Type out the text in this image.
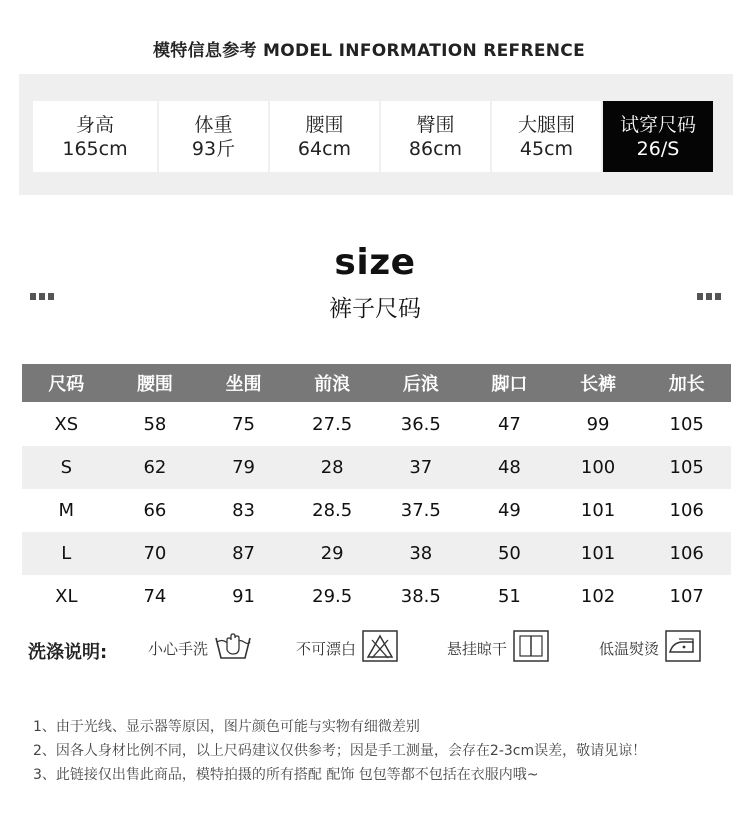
模特信息参考 MODEL INFORMATION REFRENCE
身高
165cm
体重
93斤
腰围
64cm
臀围
86cm
大腿围
45cm
试穿尺码
26/S
size
裤子尺码
尺码	腰围	坐围	前浪	后浪	脚口	长裤	加长
XS	58	75	27.5	36.5	47	99	105
S	62	79	28	37	48	100	105
M	66	83	28.5	37.5	49	101	106
L	70	87	29	38	50	101	106
XL	74	91	29.5	38.5	51	102	107
洗涤说明:	小心手洗	不可漂白	悬挂晾干	低温熨烫
1、由于光线、显示器等原因，图片颜色可能与实物有细微差别
2、因各人身材比例不同，以上尺码建议仅供参考；因是手工测量，会存在2-3cm误差，敬请见谅！
3、此链接仅出售此商品，模特拍摄的所有搭配 配饰 包包等都不包括在衣服内哦~
